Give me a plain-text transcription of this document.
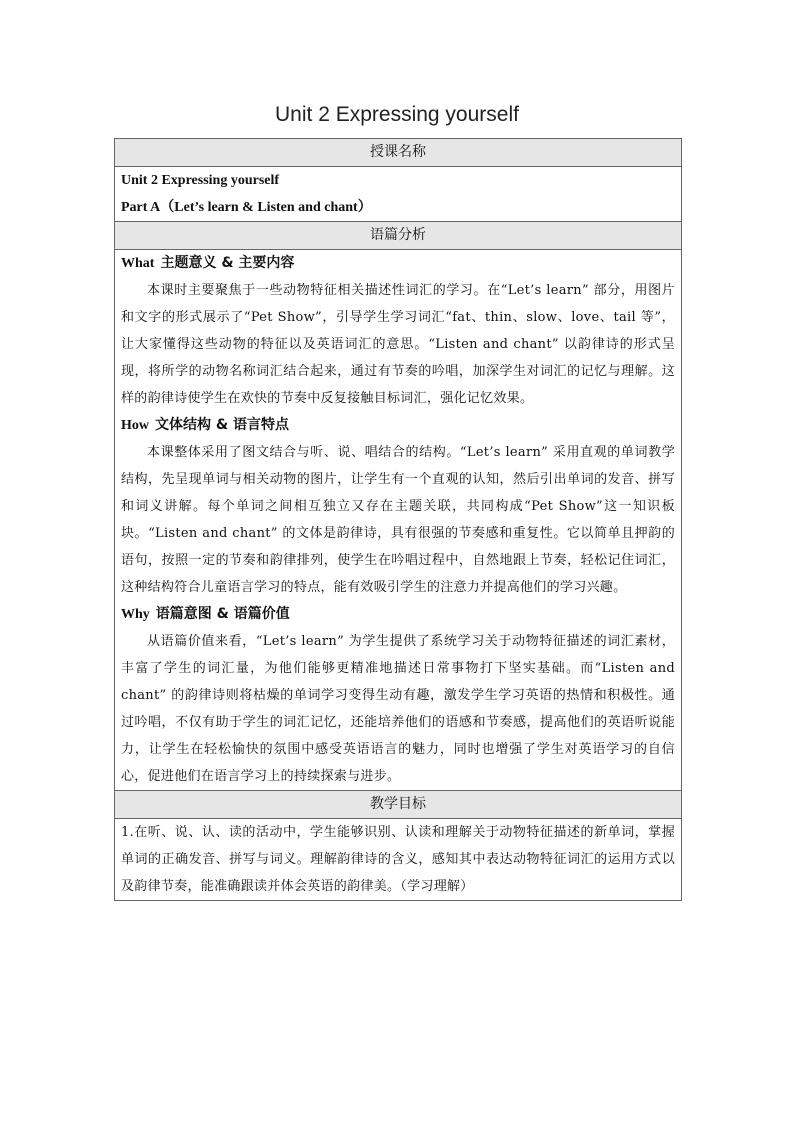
Unit 2 Expressing yourself
授课名称

Unit 2 Expressing yourself
Part A（Let’s learn & Listen and chant）

语篇分析

What 主题意义 & 主要内容

本课时主要聚焦于一些动物特征相关描述性词汇的学习。在“Let’s learn” 部分，用图片和文字的形式展示了“Pet Show”，引导学生学习词汇“fat、thin、slow、love、tail 等”，让大家懂得这些动物的特征以及英语词汇的意思。“Listen and chant” 以韵律诗的形式呈现，将所学的动物名称词汇结合起来，通过有节奏的吟唱，加深学生对词汇的记忆与理解。这样的韵律诗使学生在欢快的节奏中反复接触目标词汇，强化记忆效果。

How 文体结构 & 语言特点

本课整体采用了图文结合与听、说、唱结合的结构。“Let’s learn” 采用直观的单词教学结构，先呈现单词与相关动物的图片，让学生有一个直观的认知，然后引出单词的发音、拼写和词义讲解。每个单词之间相互独立又存在主题关联，共同构成“Pet Show”这一知识板块。“Listen and chant” 的文体是韵律诗，具有很强的节奏感和重复性。它以简单且押韵的语句，按照一定的节奏和韵律排列，使学生在吟唱过程中，自然地跟上节奏，轻松记住词汇，这种结构符合儿童语言学习的特点，能有效吸引学生的注意力并提高他们的学习兴趣。

Why 语篇意图 & 语篇价值

从语篇价值来看，“Let’s learn” 为学生提供了系统学习关于动物特征描述的词汇素材，丰富了学生的词汇量，为他们能够更精准地描述日常事物打下坚实基础。而“Listen and chant” 的韵律诗则将枯燥的单词学习变得生动有趣，激发学生学习英语的热情和积极性。通过吟唱，不仅有助于学生的词汇记忆，还能培养他们的语感和节奏感，提高他们的英语听说能力，让学生在轻松愉快的氛围中感受英语语言的魅力，同时也增强了学生对英语学习的自信心，促进他们在语言学习上的持续探索与进步。

教学目标

1.在听、说、认、读的活动中，学生能够识别、认读和理解关于动物特征描述的新单词，掌握单词的正确发音、拼写与词义。理解韵律诗的含义，感知其中表达动物特征词汇的运用方式以及韵律节奏，能准确跟读并体会英语的韵律美。（学习理解）
